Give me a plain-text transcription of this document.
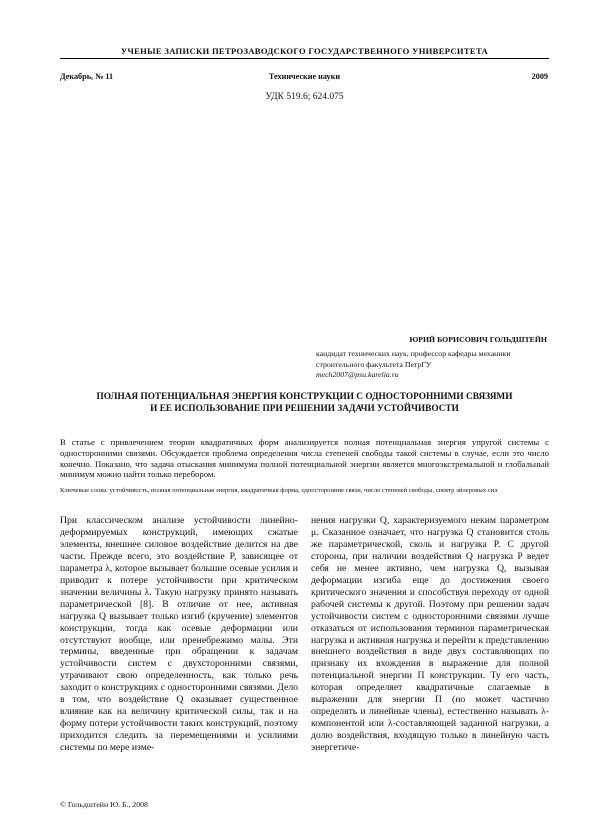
УЧЕНЫЕ ЗАПИСКИ ПЕТРОЗАВОДСКОГО ГОСУДАРСТВЕННОГО УНИВЕРСИТЕТА
Технические науки
Декабрь, № 11	2009
УДК 519.6; 624.075
ЮРИЙ БОРИСОВИЧ ГОЛЬДШТЕЙН
кандидат технических наук, профессор кафедры механики
строительного факультета ПетрГУ
mech2007@psu.karelia.ru
ПОЛНАЯ ПОТЕНЦИАЛЬНАЯ ЭНЕРГИЯ КОНСТРУКЦИИ С ОДНОСТОРОННИМИ СВЯЗЯМИ
И ЕЕ ИСПОЛЬЗОВАНИЕ ПРИ РЕШЕНИИ ЗАДАЧИ УСТОЙЧИВОСТИ
В статье с привлечением теории квадратичных форм анализируется полная потенциальная энергия упругой системы с односторонними связями. Обсуждается проблема определения числа степеней свободы такой системы в случае, если это число конечно. Показано, что задача отыскания минимума полной потенциальной энергии является многоэкстремальной и глобальный минимум можно найти только перебором.
Ключевые слова: устойчивость, полная потенциальная энергия, квадратичная форма, односторонние связи, число степеней свободы, спектр эйлеровых сил

При классическом анализе устойчивости линейно-деформируемых конструкций, имеющих сжатые элементы, внешнее силовое воздействие делится на две части. Прежде всего, это воздействие P, зависящее от параметра λ, которое вызывает большие осевые усилия и приводит к потере устойчивости при критическом значении величины λ. Такую нагрузку принято называть параметрической [8]. В отличие от нее, активная нагрузка Q вызывает только изгиб (кручение) элементов конструкции, тогда как осевые деформации или отсутствуют вообще, или пренебрежимо малы. Эти термины, введенные при обращении к задачам устойчивости систем с двухсторонними связями, утрачивают свою определенность, как только речь заходит о конструкциях с односторонними связями. Дело в том, что воздействие Q оказывает существенное влияние как на величину критической силы, так и на форму потери устойчивости таких конструкций, поэтому приходится следить за перемещениями и усилиями системы по мере изме-

нения нагрузки Q, характеризуемого неким параметром μ. Сказанное означает, что нагрузка Q становится столь же параметрической, сколь и нагрузка P. С другой стороны, при наличии воздействия Q нагрузка P ведет себя не менее активно, чем нагрузка Q, вызывая деформации изгиба еще до достижения своего критического значения и способствуя переходу от одной рабочей системы к другой. Поэтому при решении задач устойчивости систем с односторонними связями лучше отказаться от использования терминов параметрическая нагрузка и активная нагрузка и перейти к представлению внешнего воздействия в виде двух составляющих по признаку их вхождения в выражение для полной потенциальной энергии П конструкции. Ту его часть, которая определяет квадратичные слагаемые в выражении для энергии П (но может частично определять и линейные члены), естественно называть λ-компонентой или λ-составляющей заданной нагрузки, а долю воздействия, входящую только в линейную часть энергетиче-

© Гольдштейн Ю. Б., 2008
